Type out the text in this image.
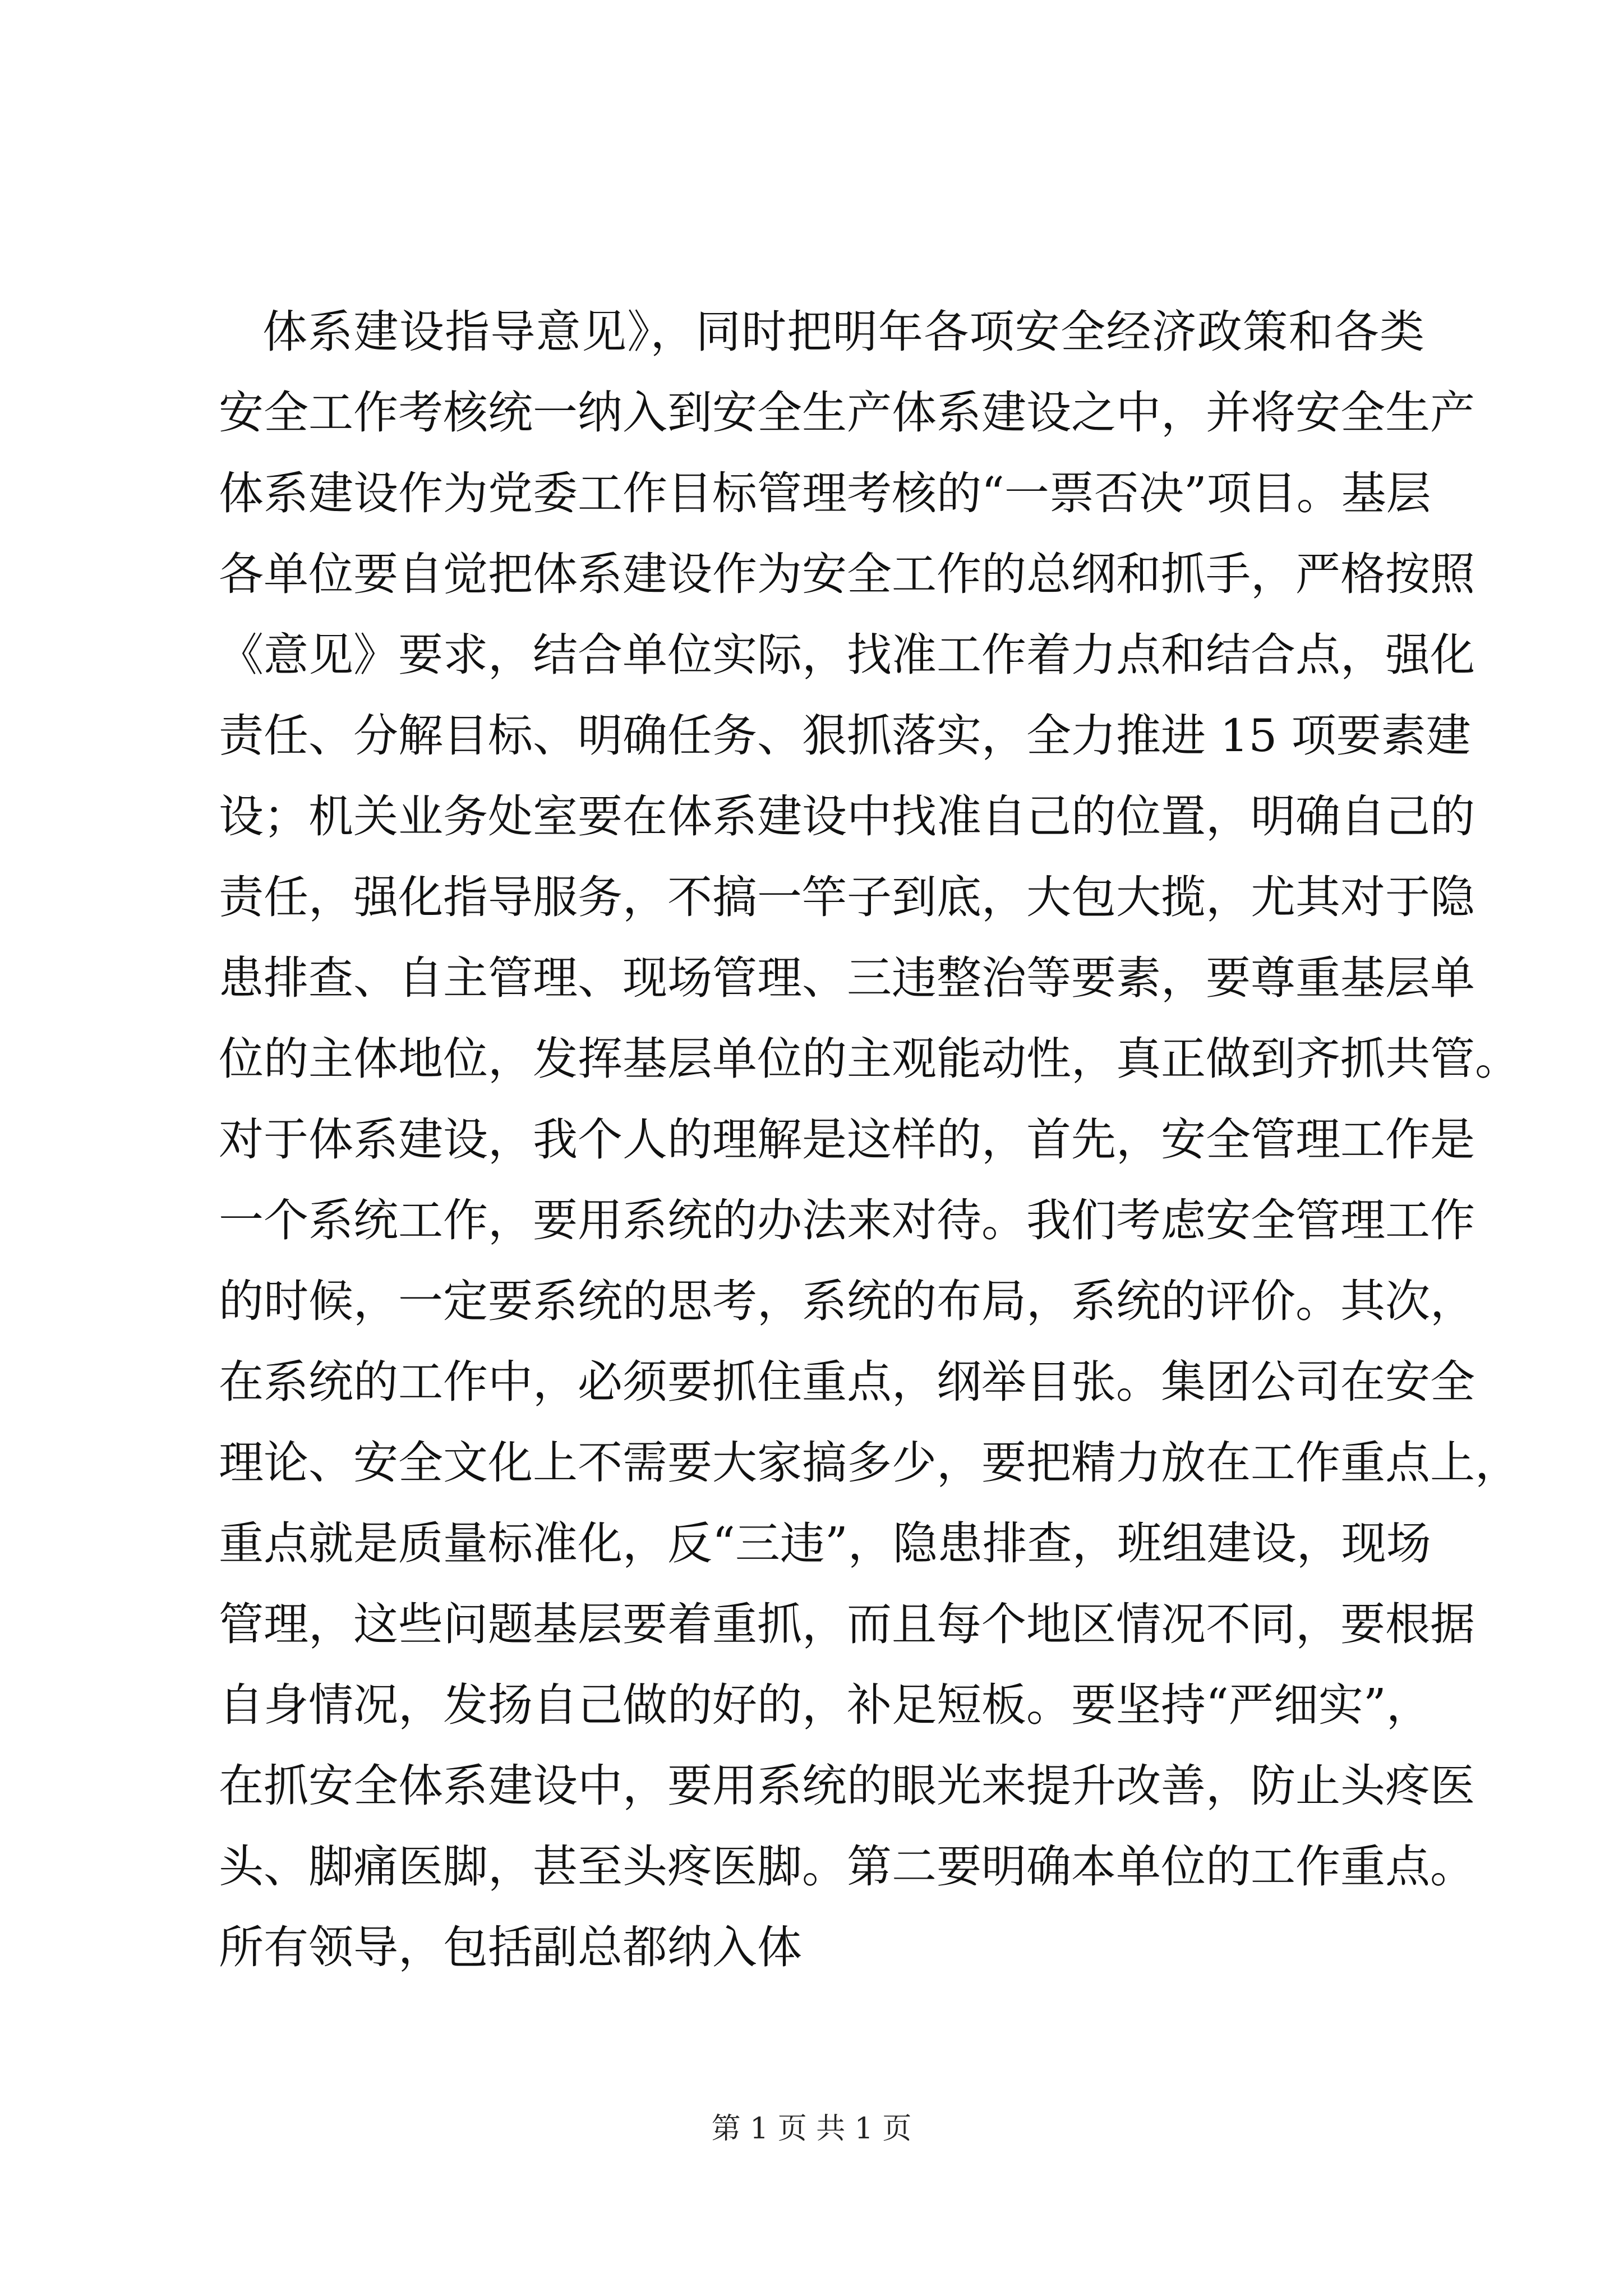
体系建设指导意见》，同时把明年各项安全经济政策和各类
安全工作考核统一纳入到安全生产体系建设之中，并将安全生产
体系建设作为党委工作目标管理考核的“一票否决”项目。基层
各单位要自觉把体系建设作为安全工作的总纲和抓手，严格按照
《意见》要求，结合单位实际，找准工作着力点和结合点，强化
责任、分解目标、明确任务、狠抓落实，全力推进 15 项要素建
设；机关业务处室要在体系建设中找准自己的位置，明确自己的
责任，强化指导服务，不搞一竿子到底，大包大揽，尤其对于隐
患排查、自主管理、现场管理、三违整治等要素，要尊重基层单
位的主体地位，发挥基层单位的主观能动性，真正做到齐抓共管。
对于体系建设，我个人的理解是这样的，首先，安全管理工作是
一个系统工作，要用系统的办法来对待。我们考虑安全管理工作
的时候，一定要系统的思考，系统的布局，系统的评价。其次，
在系统的工作中，必须要抓住重点，纲举目张。集团公司在安全
理论、安全文化上不需要大家搞多少，要把精力放在工作重点上，
重点就是质量标准化，反“三违”，隐患排查，班组建设，现场
管理，这些问题基层要着重抓，而且每个地区情况不同，要根据
自身情况，发扬自己做的好的，补足短板。要坚持“严细实”，
在抓安全体系建设中，要用系统的眼光来提升改善，防止头疼医
头、脚痛医脚，甚至头疼医脚。第二要明确本单位的工作重点。
所有领导，包括副总都纳入体
第 1 页 共 1 页
